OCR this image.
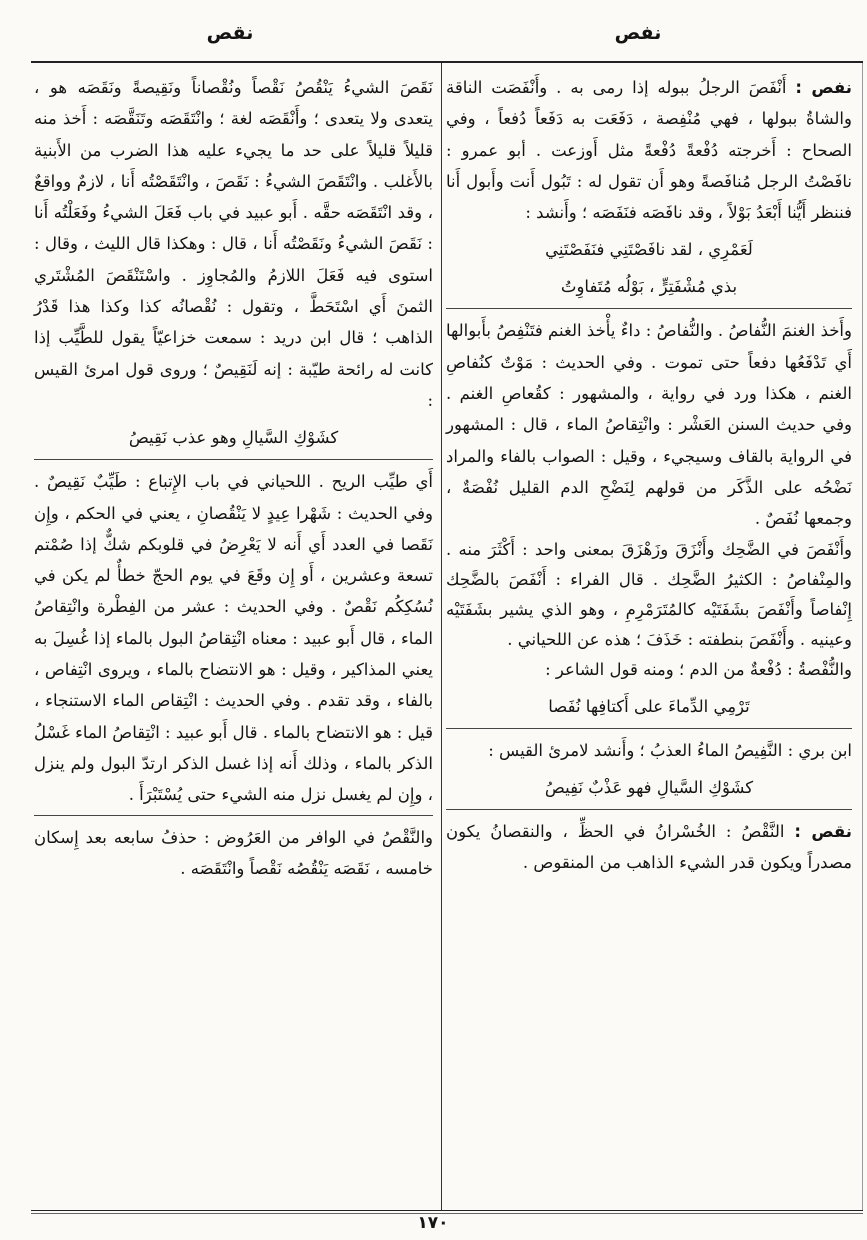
نفص
نقص

نفص : أَنْفَصَ الرجلُ ببوله إذا رمى به . وأَنْفَصَت الناقة والشاةُ ببولها ، فهي مُنْفِصة ، دَفَعَت به دَفَعاً دُفعاً ، وفي الصحاح : أَخرجته دُفْعةً دُفْعةً مثل أَوزعت . أبو عمرو : نافَصْتُ الرجل مُنافَصةً وهو أَن تقول له : تَبُول أَنت وأَبول أَنا فننظر أَيُّنا أَبْعَدُ بَوْلاً ، وقد نافَصَه فنَفَصَه ؛ وأَنشد :

لَعَمْرِي ، لقد نافَصْتَنِي فنَفَصْتَنِي
بذي مُشْفَتِرٍّ ، بَوْلُه مُتَفاوِتُ

وأَخذ الغنمَ النُّفاصُ . والنُّفاصُ : داءٌ يأْخذ الغنم فتَنْفِصُ بأَبوالها أَي تَدْفَعُها دفعاً حتى تموت . وفي الحديث : مَوْتٌ كنُفاصِ الغنم ، هكذا ورد في رواية ، والمشهور : كقُعاصِ الغنم . وفي حديث السنن العَشْر : وانْتِقاصُ الماء ، قال : المشهور في الرواية بالقاف وسيجيء ، وقيل : الصواب بالفاء والمراد نَضْحُه على الذَّكَر من قولهم لِنَضْحِ الدم القليل نُفْصَةٌ ، وجمعها نُفَصٌ .

وأَنْفَصَ في الضَّحِك وأَنْزَقَ وزَهْزَقَ بمعنى واحد : أَكْثَرَ منه . والمِنْفاصُ : الكثيرُ الضَّحِك . قال الفراء : أَنْفَصَ بالضَّحِك إِنْفاصاً وأَنْفَصَ بشَفَتَيْه كالمُتَرَمْرِمِ ، وهو الذي يشير بشَفَتَيْه وعينيه . وأَنْفَصَ بنطفته : خَذَفَ ؛ هذه عن اللحياني .

والنُّفْصةُ : دُفْعةٌ من الدم ؛ ومنه قول الشاعر :

تَرْمِي الدِّماءَ على أَكتافِها نُفَصا

ابن بري : النَّفِيصُ الماءُ العذبُ ؛ وأَنشد لامرئ القيس :

كشَوْكِ السَّيالِ فهو عَذْبٌ نَفِيصُ

نقص : النَّقْصُ : الخُسْرانُ في الحظِّ ، والنقصانُ يكون مصدراً ويكون قدر الشيء الذاهب من المنقوص .

نَقَصَ الشيءُ يَنْقُصُ نَقْصاً ونُقْصاناً ونَقِيصةً ونَقَصَه هو ، يتعدى ولا يتعدى ؛ وأَنْقَصَه لغة ؛ وانْتَقَصَه وتَنَقَّصَه : أَخذ منه قليلاً قليلاً على حد ما يجيء عليه هذا الضرب من الأَبنية بالأَغلب . وانْتَقَصَ الشيءُ : نَقَصَ ، وانْتَقَصْتُه أَنا ، لازمٌ وواقعٌ ، وقد انْتَقَصَه حقَّه . أَبو عبيد في باب فَعَلَ الشيءُ وفَعَلْتُه أَنا : نَقَصَ الشيءُ ونَقَصْتُه أَنا ، قال : وهكذا قال الليث ، وقال : استوى فيه فَعَلَ اللازمُ والمُجاوِز . واسْتَنْقَصَ المُشْتَري الثمنَ أَي اسْتَحَطَّ ، وتقول : نُقْصانُه كذا وكذا هذا قَدْرُ الذاهب ؛ قال ابن دريد : سمعت خزاعيّاً يقول للطَّيِّب إذا كانت له رائحة طيّبة : إنه لَنَقِيصٌ ؛ وروى قول امرئ القيس :

كشَوْكِ السَّيالِ وهو عذب نَقِيصُ

أَي طيِّب الريح . اللحياني في باب الإِتباع : طَيِّبٌ نَقِيصٌ . وفي الحديث : شَهْرا عِيدٍ لا يَنْقُصانِ ، يعني في الحكم ، وإِن نَقَصا في العدد أَي أَنه لا يَعْرِضُ في قلوبكم شكٌّ إذا صُمْتم تسعة وعشرين ، أَو إِن وقَعَ في يوم الحجّ خطأٌ لم يكن في نُسُكِكُم نَقْصٌ . وفي الحديث : عشر من الفِطْرة وانْتِقاصُ الماء ، قال أَبو عبيد : معناه انْتِقاصُ البول بالماء إذا غُسِلَ به يعني المذاكير ، وقيل : هو الانتضاح بالماء ، ويروى انْتِفاص ، بالفاء ، وقد تقدم . وفي الحديث : انْتِقاص الماء الاستنجاء ، قيل : هو الانتضاح بالماء . قال أَبو عبيد : انْتِقاصُ الماء غَسْلُ الذكر بالماء ، وذلك أَنه إذا غسل الذكر ارتدّ البول ولم ينزل ، وإِن لم يغسل نزل منه الشيء حتى يُسْتَبْرَأَ .

والنَّقْصُ في الوافر من العَرُوض : حذفُ سابعه بعد إِسكان خامسه ، نَقَصَه يَنْقُصُه نَقْصاً وانْتَقَصَه .

١٧٠
